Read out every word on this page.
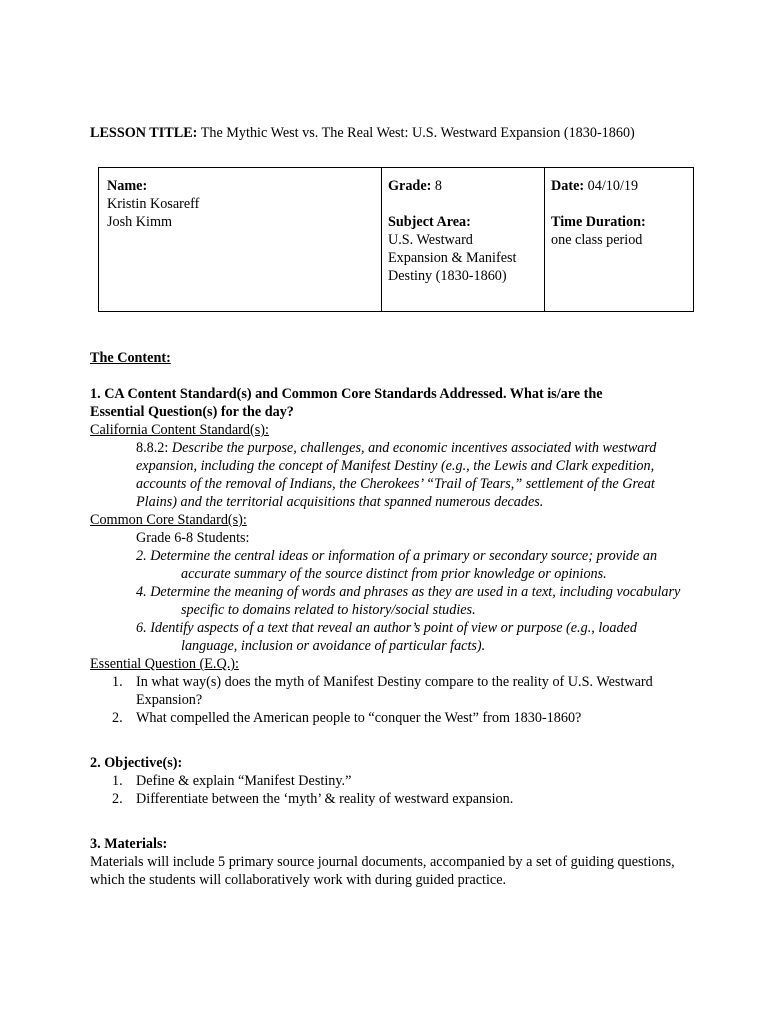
LESSON TITLE: The Mythic West vs. The Real West: U.S. Westward Expansion (1830-1860)
Name:
Kristin Kosareff
Josh Kimm

Grade: 8
Subject Area:
U.S. Westward
Expansion & Manifest
Destiny (1830-1860)

Date: 04/10/19
Time Duration:
one class period

The Content:

1. CA Content Standard(s) and Common Core Standards Addressed. What is/are the

Essential Question(s) for the day?

California Content Standard(s):

8.8.2: Describe the purpose, challenges, and economic incentives associated with westward expansion, including the concept of Manifest Destiny (e.g., the Lewis and Clark expedition, accounts of the removal of Indians, the Cherokees’ “Trail of Tears,” settlement of the Great Plains) and the territorial acquisitions that spanned numerous decades.

Common Core Standard(s):

Grade 6-8 Students:

2. Determine the central ideas or information of a primary or secondary source; provide an accurate summary of the source distinct from prior knowledge or opinions.

4. Determine the meaning of words and phrases as they are used in a text, including vocabulary specific to domains related to history/social studies.

6. Identify aspects of a text that reveal an author’s point of view or purpose (e.g., loaded language, inclusion or avoidance of particular facts).

Essential Question (E.Q.):

1. In what way(s) does the myth of Manifest Destiny compare to the reality of U.S. Westward Expansion?
2. What compelled the American people to “conquer the West” from 1830-1860?

2. Objective(s):

1. Define & explain “Manifest Destiny.”
2. Differentiate between the ‘myth’ & reality of westward expansion.

3. Materials:

Materials will include 5 primary source journal documents, accompanied by a set of guiding questions, which the students will collaboratively work with during guided practice.
